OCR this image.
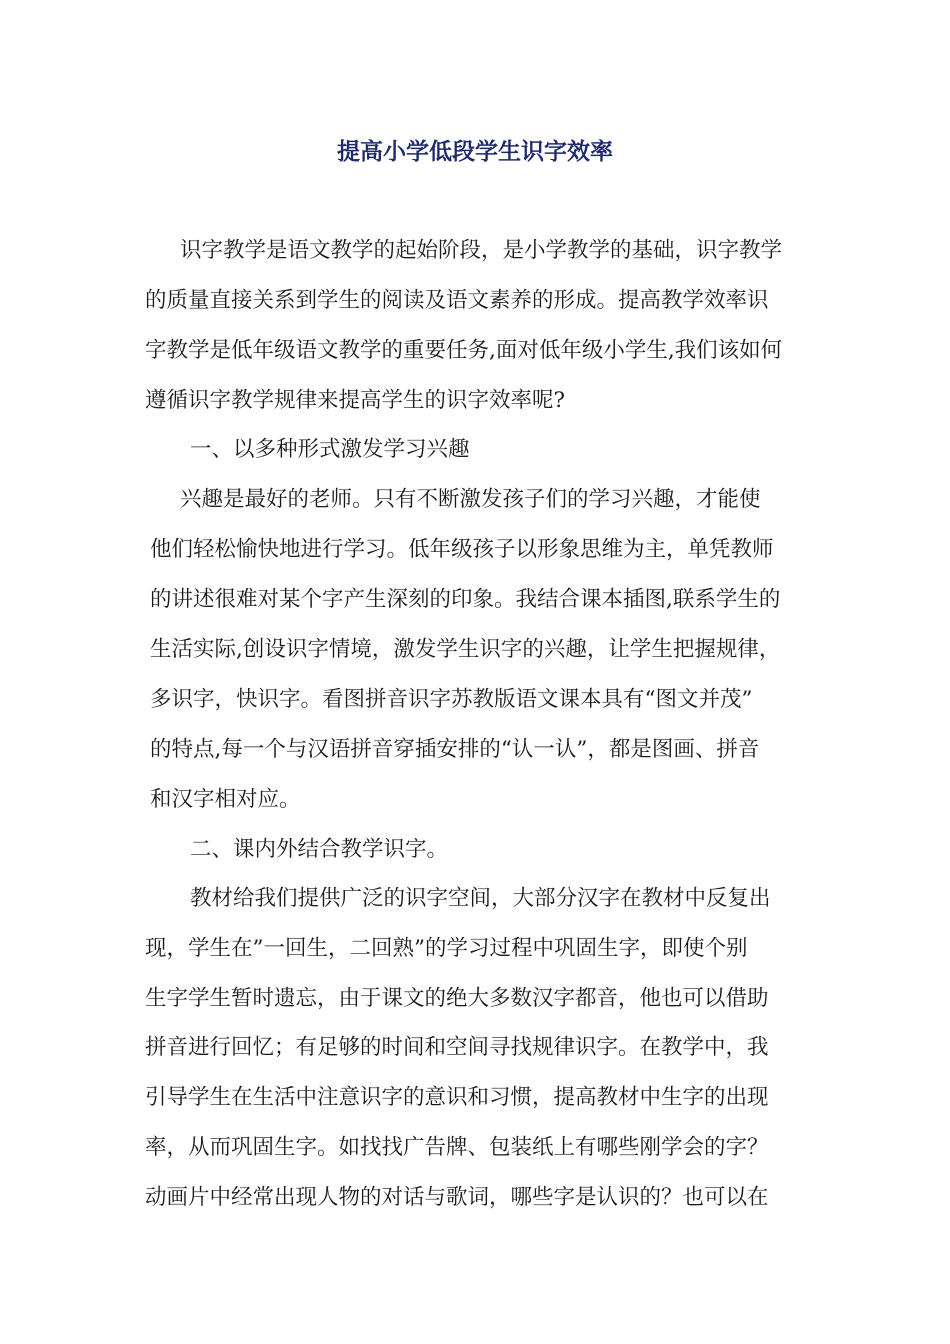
提高小学低段学生识字效率
识字教学是语文教学的起始阶段，是小学教学的基础，识字教学
的质量直接关系到学生的阅读及语文素养的形成。提高教学效率识
字教学是低年级语文教学的重要任务,面对低年级小学生,我们该如何
遵循识字教学规律来提高学生的识字效率呢?
一、以多种形式激发学习兴趣
兴趣是最好的老师。只有不断激发孩子们的学习兴趣，才能使
他们轻松愉快地进行学习。低年级孩子以形象思维为主，单凭教师
的讲述很难对某个字产生深刻的印象。我结合课本插图,联系学生的
生活实际,创设识字情境，激发学生识字的兴趣，让学生把握规律，
多识字，快识字。看图拼音识字苏教版语文课本具有“图文并茂”
的特点,每一个与汉语拼音穿插安排的“认一认”，都是图画、拼音
和汉字相对应。
二、课内外结合教学识字。
教材给我们提供广泛的识字空间，大部分汉字在教材中反复出
现，学生在”一回生，二回熟”的学习过程中巩固生字，即使个别
生字学生暂时遗忘，由于课文的绝大多数汉字都音，他也可以借助
拼音进行回忆；有足够的时间和空间寻找规律识字。在教学中，我
引导学生在生活中注意识字的意识和习惯，提高教材中生字的出现
率，从而巩固生字。如找找广告牌、包装纸上有哪些刚学会的字？
动画片中经常出现人物的对话与歌词，哪些字是认识的？也可以在
